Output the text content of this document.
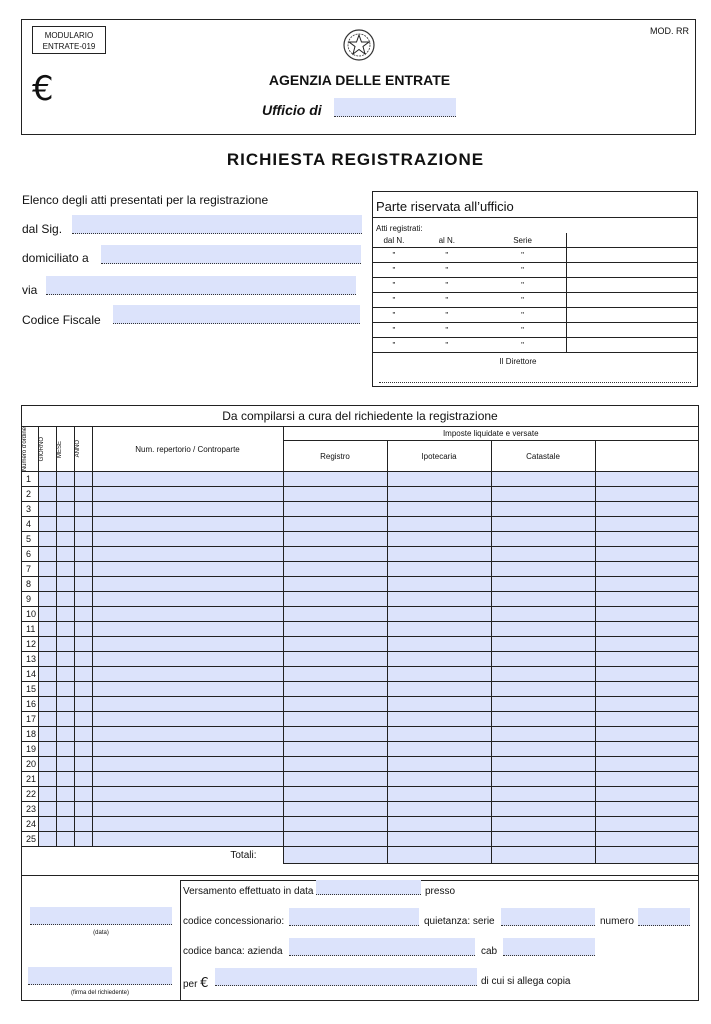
MODULARIO
ENTRATE-019
MOD. RR
€	AGENZIA DELLE ENTRATE
Ufficio di
RICHIESTA REGISTRAZIONE
Elenco degli atti presentati per la registrazione
dal Sig.
domiciliato a
via
Codice Fiscale
Parte riservata all’ufficio
Atti registrati:
dal N.	al N.	Serie	
"	"	"	
"	"	"	
"	"	"	
"	"	"	
"	"	"	
"	"	"	
"	"	"	
Il Direttore
Da compilarsi a cura del richiedente la registrazione								

Numero d'ordine	GIORNO	MESE	ANNO	Num. repertorio / Controparte	Imposte liquidate e versate			
					Registro	Ipotecaria	Catastale	
1								
2								
3								
4								
5								
6								
7								
8								
9								
10								
11								
12								
13								
14								
15								
16								
17								
18								
19								
20								
21								
22								
23								
24								
25								
Totali:								
Versamento effettuato in data	presso
codice concessionario:	quietanza: serie	numero
codice banca: azienda	cab
per €	di cui si allega copia
(data)
(firma del richiedente)
